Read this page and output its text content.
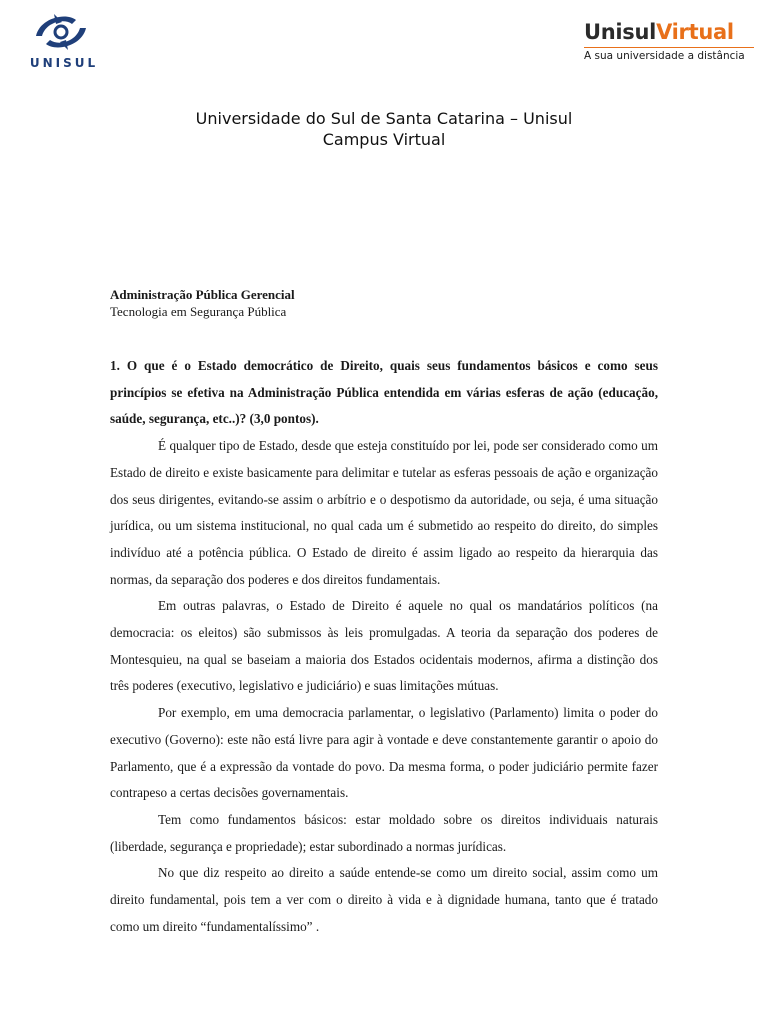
UNISUL
UnisulVirtual
A sua universidade a distância
Universidade do Sul de Santa Catarina – Unisul
Campus Virtual
Administração Pública Gerencial
Tecnologia em Segurança Pública

1. O que é o Estado democrático de Direito, quais seus fundamentos básicos e como seus princípios se efetiva na Administração Pública entendida em várias esferas de ação (educação, saúde, segurança, etc..)? (3,0 pontos).

É qualquer tipo de Estado, desde que esteja constituído por lei, pode ser considerado como um Estado de direito e existe basicamente para delimitar e tutelar as esferas pessoais de ação e organização dos seus dirigentes, evitando-se assim o arbítrio e o despotismo da autoridade, ou seja, é uma situação jurídica, ou um sistema institucional, no qual cada um é submetido ao respeito do direito, do simples indivíduo até a potência pública. O Estado de direito é assim ligado ao respeito da hierarquia das normas, da separação dos poderes e dos direitos fundamentais.

Em outras palavras, o Estado de Direito é aquele no qual os mandatários políticos (na democracia: os eleitos) são submissos às leis promulgadas. A teoria da separação dos poderes de Montesquieu, na qual se baseiam a maioria dos Estados ocidentais modernos, afirma a distinção dos três poderes (executivo, legislativo e judiciário) e suas limitações mútuas.

Por exemplo, em uma democracia parlamentar, o legislativo (Parlamento) limita o poder do executivo (Governo): este não está livre para agir à vontade e deve constantemente garantir o apoio do Parlamento, que é a expressão da vontade do povo. Da mesma forma, o poder judiciário permite fazer contrapeso a certas decisões governamentais.

Tem como fundamentos básicos: estar moldado sobre os direitos individuais naturais (liberdade, segurança e propriedade); estar subordinado a normas jurídicas.

No que diz respeito ao direito a saúde entende-se como um direito social, assim como um direito fundamental, pois tem a ver com o direito à vida e à dignidade humana, tanto que é tratado como um direito “fundamentalíssimo” .
